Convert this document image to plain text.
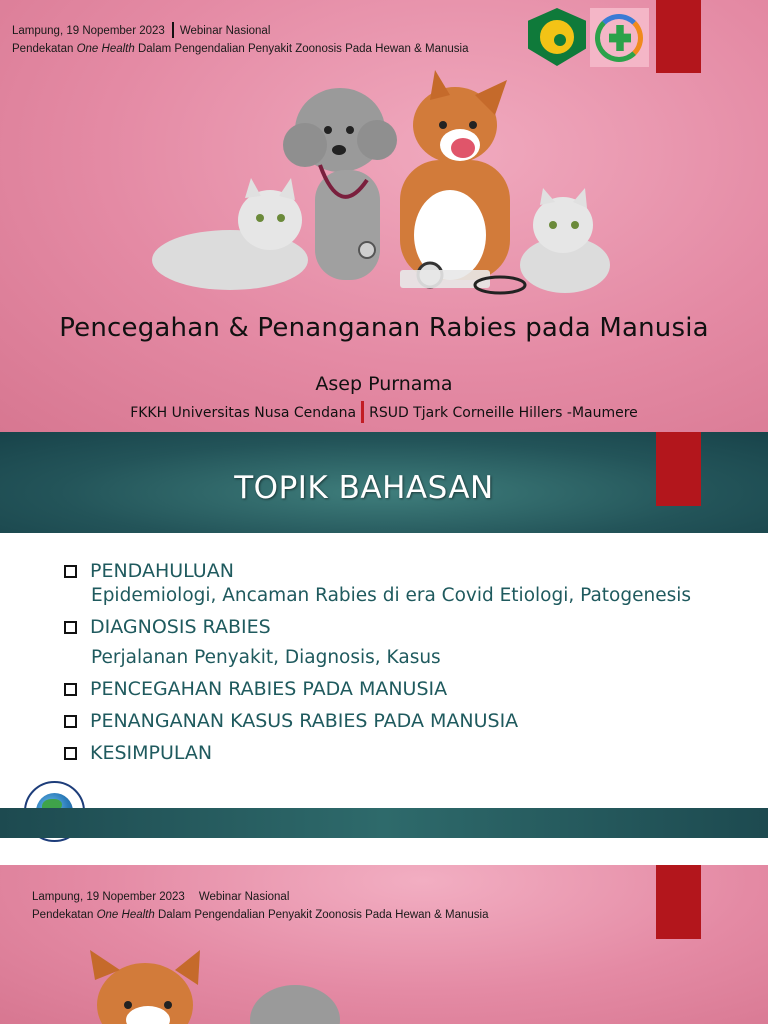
Lampung, 19 Nopember 2023 Webinar Nasional
Pendekatan One Health Dalam Pengendalian Penyakit Zoonosis Pada Hewan & Manusia
Pencegahan & Penanganan Rabies pada Manusia
Asep Purnama
FKKH Universitas Nusa Cendana RSUD Tjark Corneille Hillers -Maumere
TOPIK BAHASAN
PENDAHULUAN
Epidemiologi, Ancaman Rabies di era Covid Etiologi, Patogenesis
DIAGNOSIS RABIES
Perjalanan Penyakit, Diagnosis, Kasus
PENCEGAHAN RABIES PADA MANUSIA
PENANGANAN KASUS RABIES PADA MANUSIA
KESIMPULAN
Lampung, 19 Nopember 2023 Webinar Nasional
Pendekatan One Health Dalam Pengendalian Penyakit Zoonosis Pada Hewan & Manusia
